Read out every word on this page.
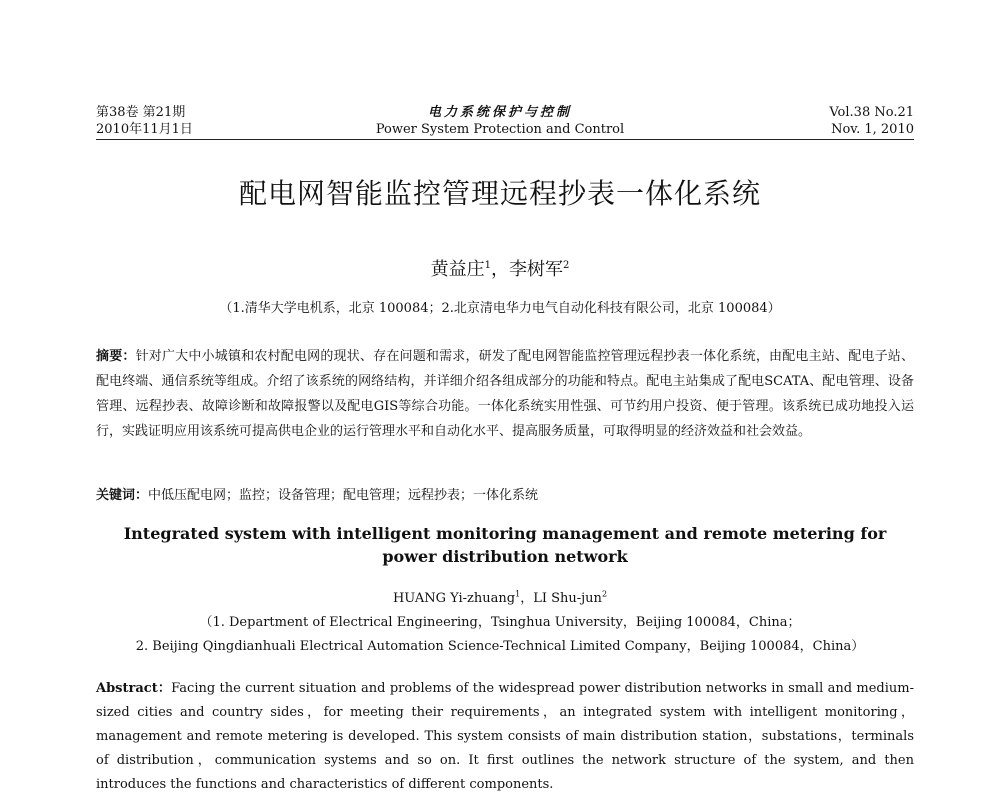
第38卷 第21期
2010年11月1日
电力系统保护与控制
Power System Protection and Control
Vol.38 No.21
Nov. 1, 2010
配电网智能监控管理远程抄表一体化系统
黄益庄$^1$，李树军$^2$
（1.清华大学电机系，北京 100084；2.北京清电华力电气自动化科技有限公司，北京 100084）
摘要：针对广大中小城镇和农村配电网的现状、存在问题和需求，研发了配电网智能监控管理远程抄表一体化系统，由配电主站、配电子站、配电终端、通信系统等组成。介绍了该系统的网络结构，并详细介绍各组成部分的功能和特点。配电主站集成了配电SCATA、配电管理、设备管理、远程抄表、故障诊断和故障报警以及配电GIS等综合功能。一体化系统实用性强、可节约用户投资、便于管理。该系统已成功地投入运行，实践证明应用该系统可提高供电企业的运行管理水平和自动化水平、提高服务质量，可取得明显的经济效益和社会效益。
关键词：中低压配电网；监控；设备管理；配电管理；远程抄表；一体化系统
Integrated system with intelligent monitoring management and remote metering for power distribution network
HUANG Yi-zhuang$^1$，LI Shu-jun$^2$
（1. Department of Electrical Engineering，Tsinghua University，Beijing 100084，China；
2. Beijing Qingdianhuali Electrical Automation Science-Technical Limited Company，Beijing 100084，China）
Abstract：Facing the current situation and problems of the widespread power distribution networks in small and medium-sized cities and country sides，for meeting their requirements，an integrated system with intelligent monitoring，management and remote metering is developed. This system consists of main distribution station，substations，terminals of distribution，communication systems and so on. It first outlines the network structure of the system, and then introduces the functions and characteristics of different components.
